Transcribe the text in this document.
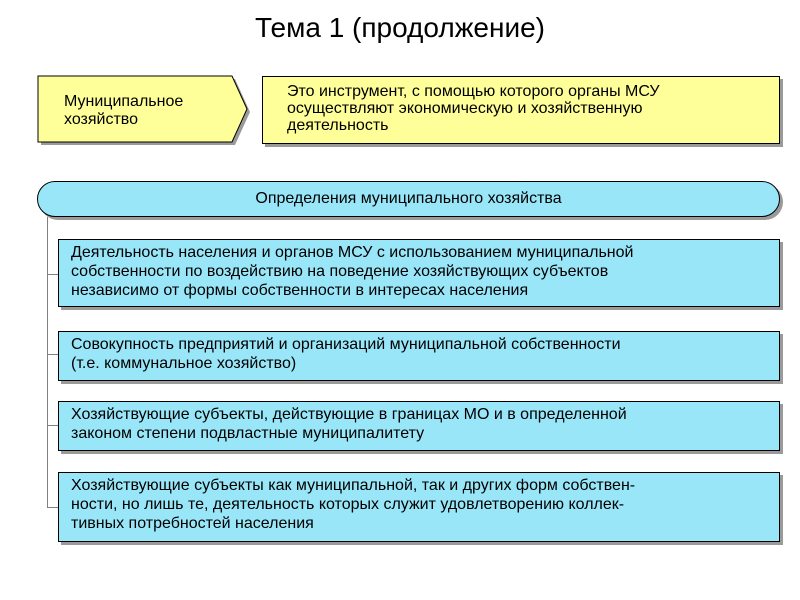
Тема 1 (продолжение)
Муниципальное
хозяйство
Это инструмент, с помощью которого органы МСУ
осуществляют экономическую и хозяйственную
деятельность
Определения муниципального хозяйства
Деятельность населения и органов МСУ с использованием муниципальной
собственности по воздействию на поведение хозяйствующих субъектов
независимо от формы собственности в интересах населения
Совокупность предприятий и организаций муниципальной собственности
(т.е. коммунальное хозяйство)
Хозяйствующие субъекты, действующие в границах МО и в определенной
законом степени подвластные муниципалитету
Хозяйствующие субъекты как муниципальной, так и других форм собствен-
ности, но лишь те, деятельность которых служит удовлетворению коллек-
тивных потребностей населения
